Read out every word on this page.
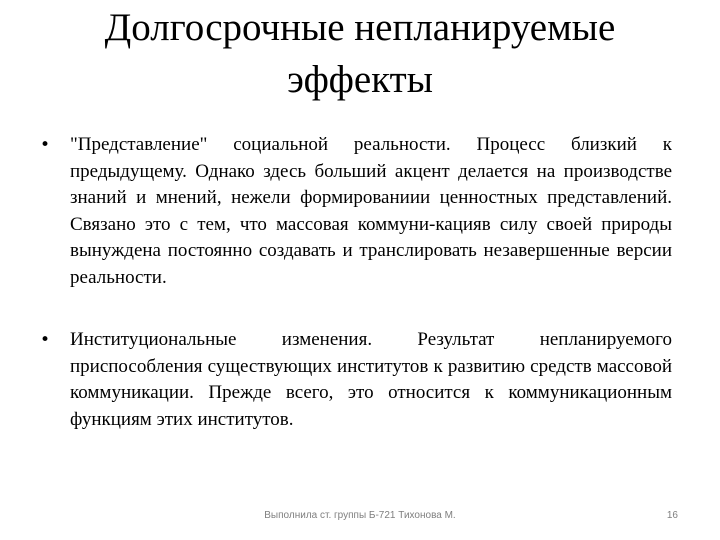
Долгосрочные непланируемые
эффекты
• "Представление" социальной реальности. Процесс близкий к предыдущему. Однако здесь больший акцент делается на производстве знаний и мнений, нежели формированиии ценностных представлений. Связано это с тем, что массовая коммуни-кацияв силу своей природы вынуждена постоянно создавать и транслировать незавершенные версии реальности.
• Институциональные изменения. Результат непланируемого приспособления существующих институтов к развитию средств массовой коммуникации. Прежде всего, это относится к коммуникационным функциям этих институтов.
Выполнила ст. группы Б-721 Тихонова М.	16
